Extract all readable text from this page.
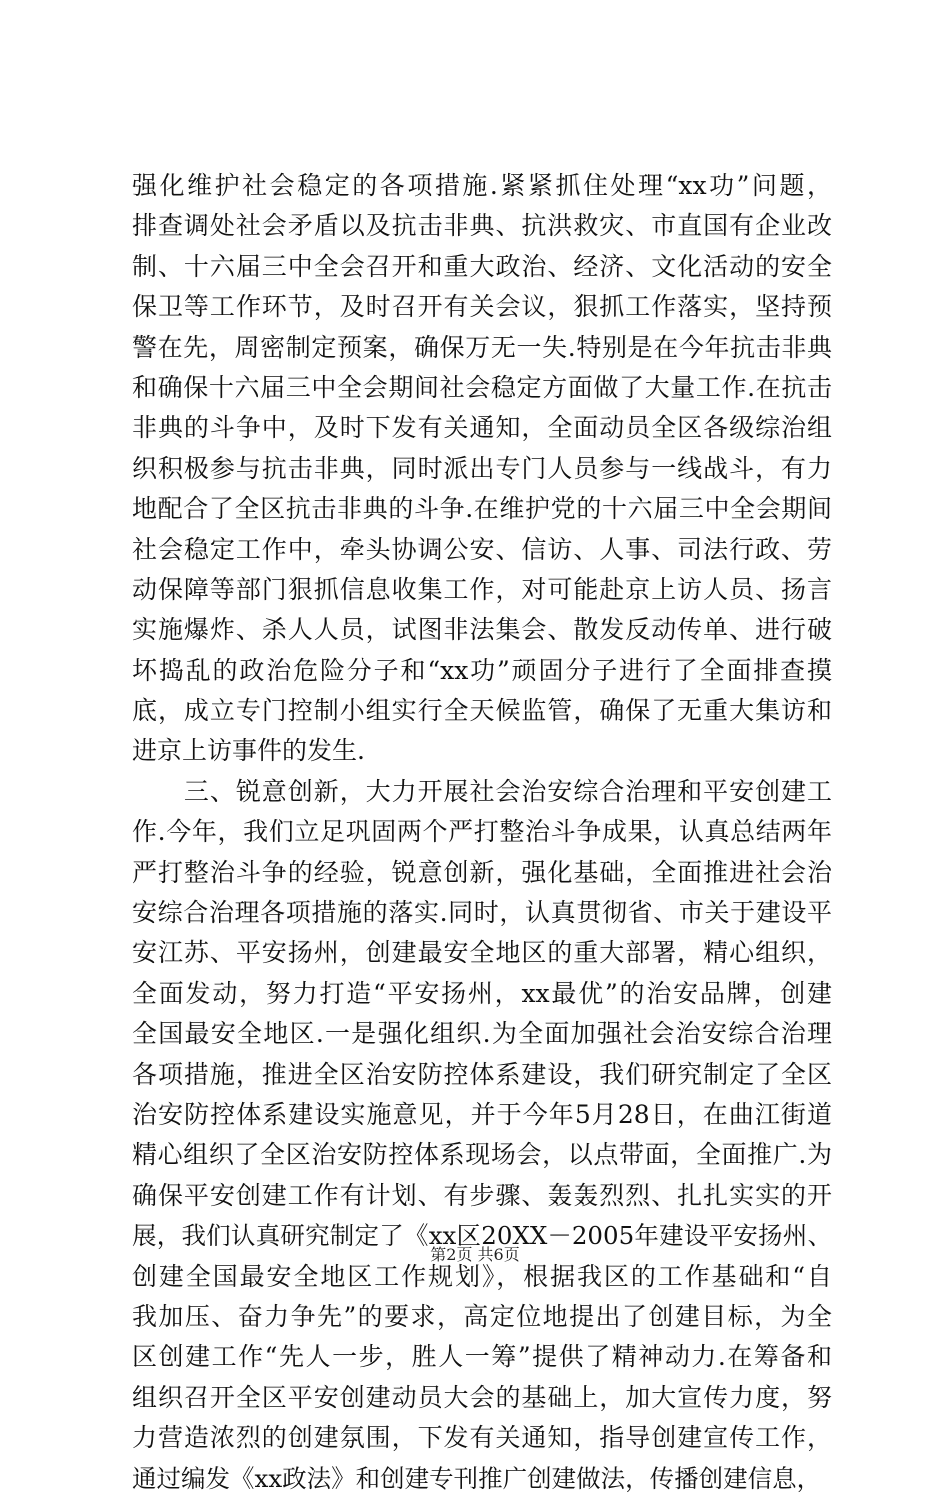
强化维护社会稳定的各项措施.紧紧抓住处理“xx功”问题，
排查调处社会矛盾以及抗击非典、抗洪救灾、市直国有企业改
制、十六届三中全会召开和重大政治、经济、文化活动的安全
保卫等工作环节，及时召开有关会议，狠抓工作落实，坚持预
警在先，周密制定预案，确保万无一失.特别是在今年抗击非典
和确保十六届三中全会期间社会稳定方面做了大量工作.在抗击
非典的斗争中，及时下发有关通知，全面动员全区各级综治组
织积极参与抗击非典，同时派出专门人员参与一线战斗，有力
地配合了全区抗击非典的斗争.在维护党的十六届三中全会期间
社会稳定工作中，牵头协调公安、信访、人事、司法行政、劳
动保障等部门狠抓信息收集工作，对可能赴京上访人员、扬言
实施爆炸、杀人人员，试图非法集会、散发反动传单、进行破
坏捣乱的政治危险分子和“xx功”顽固分子进行了全面排查摸
底，成立专门控制小组实行全天候监管，确保了无重大集访和
进京上访事件的发生.
　　三、锐意创新，大力开展社会治安综合治理和平安创建工
作.今年，我们立足巩固两个严打整治斗争成果，认真总结两年
严打整治斗争的经验，锐意创新，强化基础，全面推进社会治
安综合治理各项措施的落实.同时，认真贯彻省、市关于建设平
安江苏、平安扬州，创建最安全地区的重大部署，精心组织，
全面发动，努力打造“平安扬州，xx最优”的治安品牌，创建
全国最安全地区.一是强化组织.为全面加强社会治安综合治理
各项措施，推进全区治安防控体系建设，我们研究制定了全区
治安防控体系建设实施意见，并于今年5月28日，在曲江街道
精心组织了全区治安防控体系现场会，以点带面，全面推广.为
确保平安创建工作有计划、有步骤、轰轰烈烈、扎扎实实的开
展，我们认真研究制定了《xx区20XX－2005年建设平安扬州、
创建全国最安全地区工作规划》，根据我区的工作基础和“自
我加压、奋力争先”的要求，高定位地提出了创建目标，为全
区创建工作“先人一步，胜人一筹”提供了精神动力.在筹备和
组织召开全区平安创建动员大会的基础上，加大宣传力度，努
力营造浓烈的创建氛围，下发有关通知，指导创建宣传工作，
通过编发《xx政法》和创建专刊推广创建做法，传播创建信息，
第2页 共6页
